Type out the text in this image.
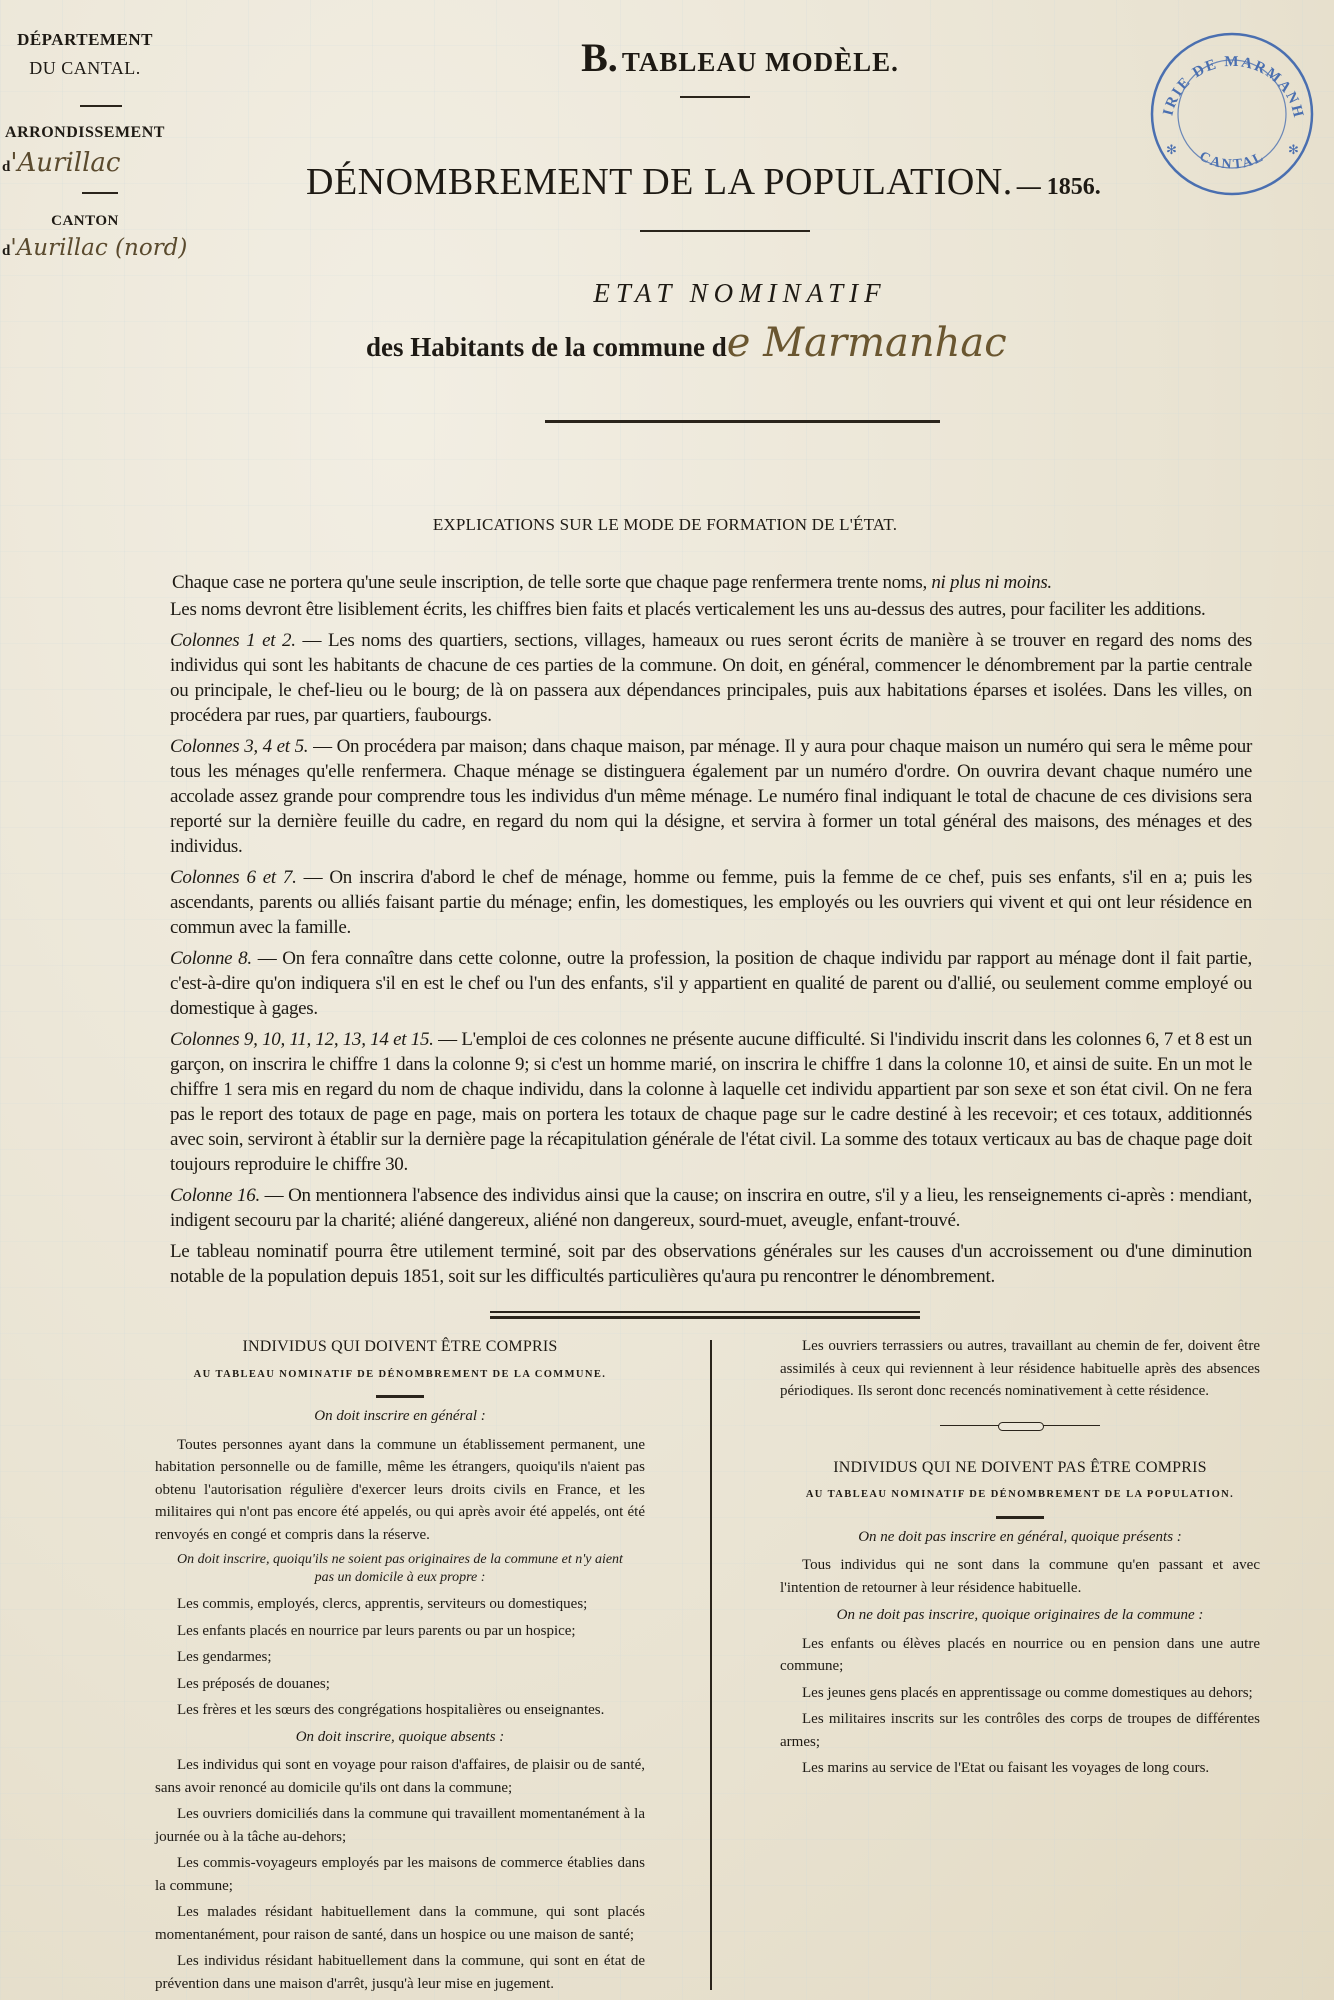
DÉPARTEMENT
DU CANTAL.
ARRONDISSEMENT
d'Aurillac
CANTON
d'Aurillac (nord)
IRIE DE MARMANH
CANTAL
✻	✻
B. TABLEAU MODÈLE.
DÉNOMBREMENT DE LA POPULATION. — 1856.
ETAT NOMINATIF
des Habitants de la commune de Marmanhac
EXPLICATIONS SUR LE MODE DE FORMATION DE L'ÉTAT.

Chaque case ne portera qu'une seule inscription, de telle sorte que chaque page renfermera trente noms, ni plus ni moins.

Les noms devront être lisiblement écrits, les chiffres bien faits et placés verticalement les uns au-dessus des autres, pour faciliter les additions.

Colonnes 1 et 2. — Les noms des quartiers, sections, villages, hameaux ou rues seront écrits de manière à se trouver en regard des noms des individus qui sont les habitants de chacune de ces parties de la commune. On doit, en général, commencer le dénombrement par la partie centrale ou principale, le chef-lieu ou le bourg; de là on passera aux dépendances principales, puis aux habitations éparses et isolées. Dans les villes, on procédera par rues, par quartiers, faubourgs.

Colonnes 3, 4 et 5. — On procédera par maison; dans chaque maison, par ménage. Il y aura pour chaque maison un numéro qui sera le même pour tous les ménages qu'elle renfermera. Chaque ménage se distinguera également par un numéro d'ordre. On ouvrira devant chaque numéro une accolade assez grande pour comprendre tous les individus d'un même ménage. Le numéro final indiquant le total de chacune de ces divisions sera reporté sur la dernière feuille du cadre, en regard du nom qui la désigne, et servira à former un total général des maisons, des ménages et des individus.

Colonnes 6 et 7. — On inscrira d'abord le chef de ménage, homme ou femme, puis la femme de ce chef, puis ses enfants, s'il en a; puis les ascendants, parents ou alliés faisant partie du ménage; enfin, les domestiques, les employés ou les ouvriers qui vivent et qui ont leur résidence en commun avec la famille.

Colonne 8. — On fera connaître dans cette colonne, outre la profession, la position de chaque individu par rapport au ménage dont il fait partie, c'est-à-dire qu'on indiquera s'il en est le chef ou l'un des enfants, s'il y appartient en qualité de parent ou d'allié, ou seulement comme employé ou domestique à gages.

Colonnes 9, 10, 11, 12, 13, 14 et 15. — L'emploi de ces colonnes ne présente aucune difficulté. Si l'individu inscrit dans les colonnes 6, 7 et 8 est un garçon, on inscrira le chiffre 1 dans la colonne 9; si c'est un homme marié, on inscrira le chiffre 1 dans la colonne 10, et ainsi de suite. En un mot le chiffre 1 sera mis en regard du nom de chaque individu, dans la colonne à laquelle cet individu appartient par son sexe et son état civil. On ne fera pas le report des totaux de page en page, mais on portera les totaux de chaque page sur le cadre destiné à les recevoir; et ces totaux, additionnés avec soin, serviront à établir sur la dernière page la récapitulation générale de l'état civil. La somme des totaux verticaux au bas de chaque page doit toujours reproduire le chiffre 30.

Colonne 16. — On mentionnera l'absence des individus ainsi que la cause; on inscrira en outre, s'il y a lieu, les renseignements ci-après : mendiant, indigent secouru par la charité; aliéné dangereux, aliéné non dangereux, sourd-muet, aveugle, enfant-trouvé.

Le tableau nominatif pourra être utilement terminé, soit par des observations générales sur les causes d'un accroissement ou d'une diminution notable de la population depuis 1851, soit sur les difficultés particulières qu'aura pu rencontrer le dénombrement.

INDIVIDUS QUI DOIVENT ÊTRE COMPRIS

AU TABLEAU NOMINATIF DE DÉNOMBREMENT DE LA COMMUNE.

On doit inscrire en général :

Toutes personnes ayant dans la commune un établissement permanent, une habitation personnelle ou de famille, même les étrangers, quoiqu'ils n'aient pas obtenu l'autorisation régulière d'exercer leurs droits civils en France, et les militaires qui n'ont pas encore été appelés, ou qui après avoir été appelés, ont été renvoyés en congé et compris dans la réserve.

On doit inscrire, quoiqu'ils ne soient pas originaires de la commune et n'y aient pas un domicile à eux propre :

Les commis, employés, clercs, apprentis, serviteurs ou domestiques;

Les enfants placés en nourrice par leurs parents ou par un hospice;

Les gendarmes;

Les préposés de douanes;

Les frères et les sœurs des congrégations hospitalières ou enseignantes.

On doit inscrire, quoique absents :

Les individus qui sont en voyage pour raison d'affaires, de plaisir ou de santé, sans avoir renoncé au domicile qu'ils ont dans la commune;

Les ouvriers domiciliés dans la commune qui travaillent momentanément à la journée ou à la tâche au-dehors;

Les commis-voyageurs employés par les maisons de commerce établies dans la commune;

Les malades résidant habituellement dans la commune, qui sont placés momentanément, pour raison de santé, dans un hospice ou une maison de santé;

Les individus résidant habituellement dans la commune, qui sont en état de prévention dans une maison d'arrêt, jusqu'à leur mise en jugement.

Les ouvriers terrassiers ou autres, travaillant au chemin de fer, doivent être assimilés à ceux qui reviennent à leur résidence habituelle après des absences périodiques. Ils seront donc recencés nominativement à cette résidence.

INDIVIDUS QUI NE DOIVENT PAS ÊTRE COMPRIS

AU TABLEAU NOMINATIF DE DÉNOMBREMENT DE LA POPULATION.

On ne doit pas inscrire en général, quoique présents :

Tous individus qui ne sont dans la commune qu'en passant et avec l'intention de retourner à leur résidence habituelle.

On ne doit pas inscrire, quoique originaires de la commune :

Les enfants ou élèves placés en nourrice ou en pension dans une autre commune;

Les jeunes gens placés en apprentissage ou comme domestiques au dehors;

Les militaires inscrits sur les contrôles des corps de troupes de différentes armes;

Les marins au service de l'Etat ou faisant les voyages de long cours.
